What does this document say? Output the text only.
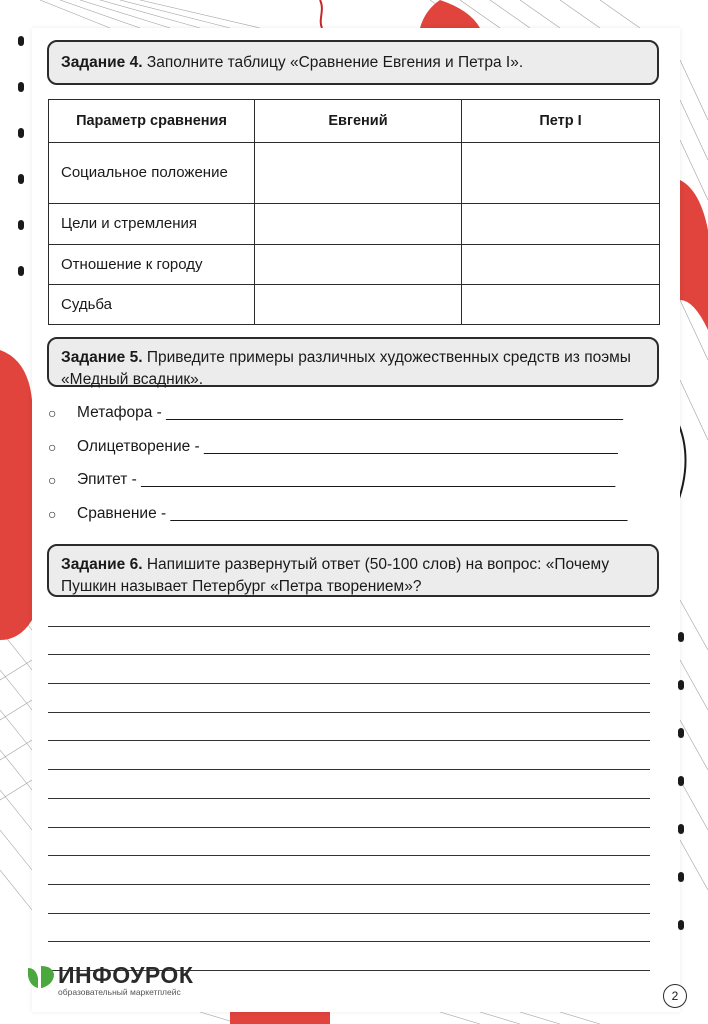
Задание 4. Заполните таблицу «Сравнение Евгения и Петра I».
Параметр сравнения	Евгений	Петр I
Социальное положение		
Цели и стремления		
Отношение к городу		
Судьба		
Задание 5. Приведите примеры различных художественных средств из поэмы «Медный всадник».
○ Метафора - _____________________________________________________
○ Олицетворение - ________________________________________________
○ Эпитет - _______________________________________________________
○ Сравнение - _____________________________________________________
Задание 6. Напишите развернутый ответ (50-100 слов) на вопрос: «Почему Пушкин называет Петербург «Петра творением»?
ИНФОУРОК
образовательный маркетплейс	2
